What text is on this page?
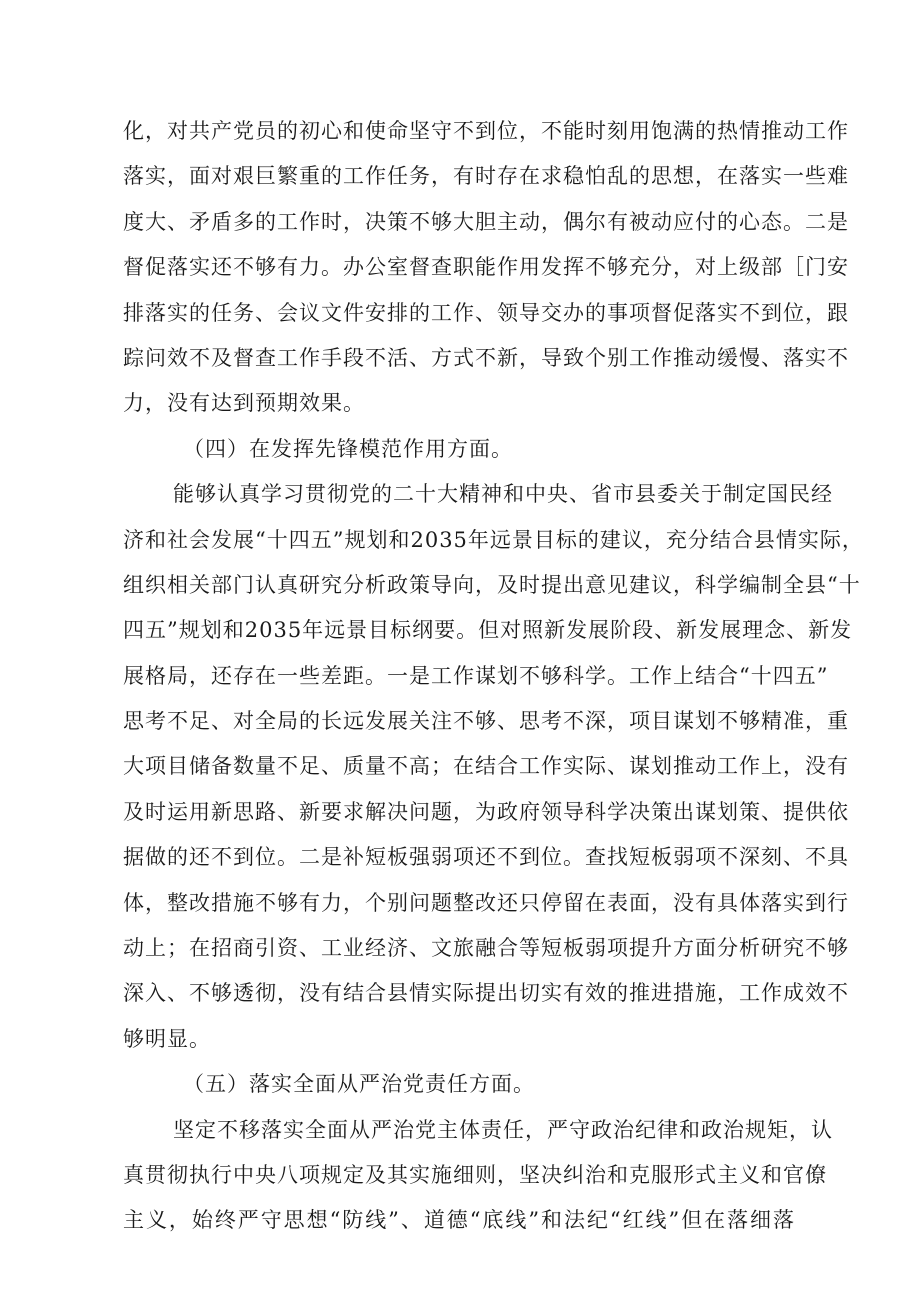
化，对共产党员的初心和使命坚守不到位，不能时刻用饱满的热情推动工作
落实，面对艰巨繁重的工作任务，有时存在求稳怕乱的思想，在落实一些难
度大、矛盾多的工作时，决策不够大胆主动，偶尔有被动应付的心态。二是
督促落实还不够有力。办公室督查职能作用发挥不够充分，对上级部［门安
排落实的任务、会议文件安排的工作、领导交办的事项督促落实不到位，跟
踪问效不及督查工作手段不活、方式不新，导致个别工作推动缓慢、落实不
力，没有达到预期效果。
（四）在发挥先锋模范作用方面。
能够认真学习贯彻党的二十大精神和中央、省市县委关于制定国民经
济和社会发展“十四五”规划和2035年远景目标的建议，充分结合县情实际，
组织相关部门认真研究分析政策导向，及时提出意见建议，科学编制全县“十
四五”规划和2035年远景目标纲要。但对照新发展阶段、新发展理念、新发
展格局，还存在一些差距。一是工作谋划不够科学。工作上结合“十四五”
思考不足、对全局的长远发展关注不够、思考不深，项目谋划不够精准，重
大项目储备数量不足、质量不高；在结合工作实际、谋划推动工作上，没有
及时运用新思路、新要求解决问题，为政府领导科学决策出谋划策、提供依
据做的还不到位。二是补短板强弱项还不到位。查找短板弱项不深刻、不具
体，整改措施不够有力，个别问题整改还只停留在表面，没有具体落实到行
动上；在招商引资、工业经济、文旅融合等短板弱项提升方面分析研究不够
深入、不够透彻，没有结合县情实际提出切实有效的推进措施，工作成效不
够明显。
（五）落实全面从严治党责任方面。
坚定不移落实全面从严治党主体责任，严守政治纪律和政治规矩，认
真贯彻执行中央八项规定及其实施细则，坚决纠治和克服形式主义和官僚
主义，始终严守思想“防线”、道德“底线”和法纪“红线”但在落细落
